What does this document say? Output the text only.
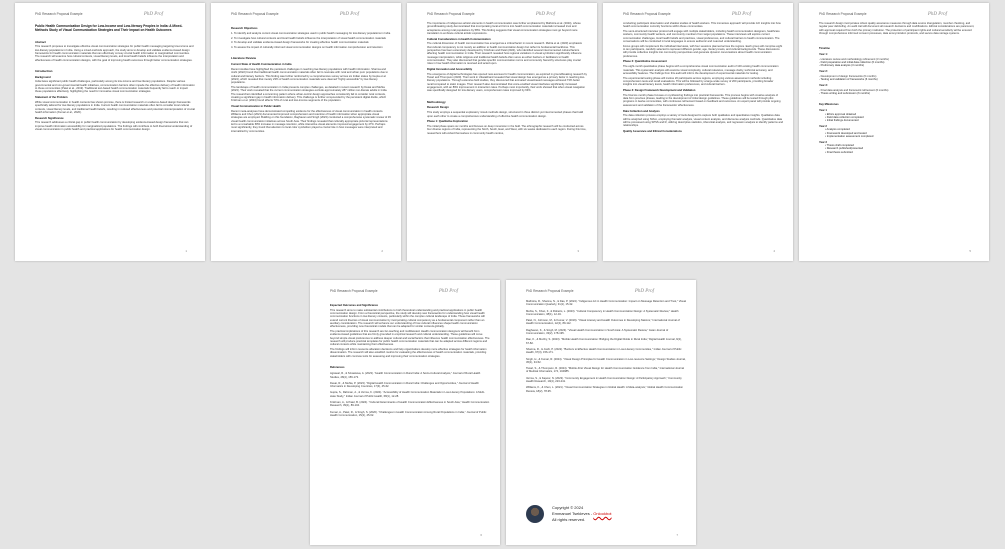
PhD Research Proposal Example	PhD Prof
Public Health Communication Design for Low-Income and Low-literacy Peoples in India: A Mixed-Methods Study of Visual Communication Strategies and Their Impact on Health Outcomes
Abstract
This research proposes to investigate effective visual communication strategies for public health messaging targeting low-income and low-literacy populations in India. Using a mixed-methods approach, the study aims to develop and validate evidence-based design frameworks for health communication materials that can effectively convey crucial health information to marginalized communities. The research will examine how cultural contexts, visual literacy levels, and local health beliefs influence the interpretation and effectiveness of health communication designs, with the goal of improving health outcomes through better communication strategies.
Introduction
Background
India faces significant public health challenges, particularly among its low-income and low-literacy populations. Despite various governmental and non-governmental health initiatives, communication barriers often impede the effective delivery of health information to these communities (Patel et al., 2019). Traditional text-based health communication materials frequently fail to reach or impact these populations effectively, highlighting the need for innovative visual communication strategies.
Statement of the Problem
While visual communication in health contexts has shown promise, there is limited research on evidence-based design frameworks specifically tailored for low-literacy populations in India. Current health communication materials often fail to consider local cultural contexts, visual literacy levels, and traditional health beliefs, resulting in reduced effectiveness and potential misinterpretation of crucial health information (Kumar et al., 2020).
Research Significance
This research addresses a critical gap in public health communication by developing evidence-based design frameworks that can improve health information accessibility for marginalized populations. The findings will contribute to both theoretical understanding of visual communication in public health and practical applications for health communication design.
1
PhD Research Proposal Example	PhD Prof
Research Objectives
1. To identify and analyze current visual communication strategies used in public health messaging for low-literacy populations in India
2. To investigate how cultural contexts and local health beliefs influence the interpretation of visual health communication materials
3. To develop and validate evidence-based design frameworks for creating effective health communication materials
4. To assess the impact of culturally-informed visual communication designs on health information comprehension and retention
Literature Review
Current State of Health Communication in India
Recent studies have highlighted the persistent challenges in reaching low-literacy populations with health information. Sharma and Joshi (2022) found that traditional health communication materials often fail to resonate with rural and urban poor populations due to cultural and literacy barriers. This finding was further reinforced by a comprehensive survey across six Indian states by Gupta et al. (2024), which revealed that merely 23% of health communication materials were deemed "highly accessible" by low-literacy populations.
The landscape of health communication in India presents complex challenges, as detailed in recent research by Desai and Mehta (2023). Their work revealed that the current communication strategies exclude approximately 287 million non-literate adults in India. The researchers identified a concerning pattern where urban-centric design approaches consistently fail to consider rural contexts, creating a significant gap in health information delivery. This challenge is further compounded by the persistent digital divide, which Krishnan et al. (2024) found affects 73% of rural and low-income segments of the population.
Visual Communication in Public Health
Recent meta-analyses have demonstrated compelling evidence for the effectiveness of visual communication in health contexts. Williams and Chen (2021) documented improved comprehension and retention of health information when appropriate visual strategies are employed. Building on this foundation, Raghavan and Singh (2023) conducted a comprehensive systematic review of 45 visual health communication initiatives across South Asia. Their findings revealed that culturally appropriate pictorial representations led to a remarkable 68% increase in message retention, while interactive visual elements improved engagement by 47%. Perhaps most significantly, they found that attention to local color symbolism played a crucial role in how messages were interpreted and internalized by communities.
2
PhD Research Proposal Example	PhD Prof
The importance of indigenous artistic elements in health communication was further emphasized by Malhotra et al. (2024), whose groundbreaking study demonstrated that incorporating local art forms into health communication materials increased trust and acceptance among rural populations by 58%. This finding suggests that visual communication strategies must go beyond mere translation to embrace cultural artistic expressions.
Cultural Considerations in Health Communication
The cultural dimension of health communication has emerged as a critical factor in recent research. Mehta et al. (2023) emphasize that cultural competency is not merely an addition to health communication design but rather its fundamental backbone. This perspective has been extensively developed by Krishnan and Patel (2024), who identified several interconnected cultural factors affecting health communication in India. Their research revealed how regional variations in visual symbolism significantly influence message interpretation, while religious and traditional health beliefs often serve as either barriers or facilitators to health communication. They also discovered that gender-specific communication norms and community hierarchy structures play crucial roles in how health information is received and acted upon.
Digital Innovation and Accessibility
The emergence of digital technologies has opened new avenues for health communication, as explored in groundbreaking research by Tiwari and Thompson (2020). Their work in Uttarakhand revealed that visual design has emerged as a primary factor in reaching low-literacy populations. Through extensive field studies, they discovered that animated visual-based messages achieved 73% better recall compared to static images. Their research also demonstrated that voice-enabled visual interfaces significantly increased engagement, with an 89% improvement in interaction rates. Perhaps most importantly, their work showed that when visual navigation was specifically designed for low-literacy users, comprehension rates improved by 63%.
Methodology
Research Design
This study employs a sequential exploratory mixed-methods design, structured in three distinct yet interconnected phases that build upon each other to create a comprehensive understanding of effective health communication design.
Phase 1: Qualitative Exploration
The initial phase spans six months and focuses on deep immersion in the field. The ethnographic research will be conducted across four diverse regions of India, representing the North, South, East, and West, with six weeks dedicated to each region. During this time, researchers will embed themselves in community health centres,
3
PhD Research Proposal Example	PhD Prof
conducting participant observation and shadow studies of health workers. This immersive approach will provide rich insights into how health communication currently functions within these communities.
The semi-structured interview protocol will engage with multiple stakeholders, including health communication designers, healthcare workers, community health workers, and community members from target populations. These interviews will explore current communication challenges, local health beliefs and practices, visual preferences, and cultural barriers to health communication. The conversations will be conducted in local languages to ensure authentic and nuanced understanding.
Focus groups will complement the individual interviews, with four sessions planned across the regions. Each group will comprise eight to ten participants, carefully selected to represent different gender, age, literacy levels, and cultural backgrounds. These discussions will provide collective insights into community perspectives and generate dynamic conversations about health communication preferences.
Phase 2: Quantitative Assessment
The eight-month quantitative phase begins with a comprehensive visual communication audit of 100 existing health communication materials. This systematic analysis will examine visual complexity, cultural relevance, message clarity, technical accuracy, and accessibility features. The findings from this audit will inform the development of experimental materials for testing.
The experimental testing phase will involve 20 participants across regions, employing various assessment methods including comprehension tests and recall evaluations. This will be followed by a large-scale survey of 200 participants, providing broader insights into visual literacy levels, health information preferences, and cultural barriers.
Phase 3: Design Framework Development and Validation
The final six-month phase focuses on synthesizing findings into practical frameworks. This process begins with creative analysis of data from previous phases, leading to the development of initial design guidelines. These guidelines will be tested through pilot programs in twelve communities, with continuous refinement based on feedback and outcomes. An expert panel will provide ongoing assessment and validation of the frameworks' effectiveness.
Data Collection and Analysis
The data collection process employs a variety of tools designed to capture both qualitative and quantitative insights. Qualitative data will be analyzed using NVivo, employing thematic analysis, visual content analysis, and discourse analysis methods. Quantitative data will be processed using SPSS and R, utilizing descriptive statistics, inferential analysis, and regression analysis to identify patterns and relationships.
Quality Assurance and Ethical Considerations
4
PhD Research Proposal Example	PhD Prof
The research design incorporates robust quality assurance measures through data source triangulation, member checking, and regular peer debriefing. An audit trail will document all research decisions and modifications. Ethical considerations are paramount, with approval required from both the primary institution. The protection of participant rights and cultural sensitivity will be ensured through comprehensive informed consent processes, data anonymization protocols, and secure data storage systems.
Timeline
Year 1:
- Literature review and methodology refinement (3 months)
- Field preparation and initial data collection (6 months)
- Preliminary data analysis (3 months)
Year 2:
- Development of design frameworks (6 months)
- Testing and validation of frameworks (6 months)
Year 3:
- Final data analysis and framework refinement (6 months)
- Thesis writing and submission (6 months)
Key Milestones
Year 1
• Ethics approval obtained
• Field data collection completed
• Initial findings documented
Year 2
• Analysis completed
• Framework developed and tested
• Implementation assessment completed
Year 3
• Thesis draft completed
• Research published/presented
• Final thesis submitted
5
PhD Research Proposal Example	PhD Prof
Expected Outcomes and Significance
This research aims to make substantial contributions to both theoretical understanding and practical applications in public health communication design. From a theoretical perspective, the study will develop new frameworks for understanding how visual health communication functions in low-literacy contexts, particularly within the complex cultural landscape of India. These frameworks will extend current theories of visual communication by incorporating cultural competency as a fundamental component rather than an auxiliary consideration. The research will enhance our understanding of how cultural influences shape health communication effectiveness, providing new theoretical models that can be adapted for similar contexts globally.
The practical implications of this research are far-reaching and multifaceted. Health communication designers will benefit from evidence-based guidelines that are firmly grounded in empirical research and cultural understanding. These guidelines will move beyond simple visual preferences to address deeper cultural and social factors that influence health communication effectiveness. The research will produce practical templates for public health communication materials that can be adapted across different regions and cultural contexts while maintaining their effectiveness.
The findings will inform resource allocation decisions and help organizations develop more effective strategies for health information dissemination. The research will also establish metrics for evaluating the effectiveness of health communication materials, providing stakeholders with concrete tools for assessing and improving their communication strategies.
References
Agrawal, R., & Srivastava, A. (2023). "Health Communication in Rural India: A Socio-Cultural Analysis," Journal of Rural Health Studies, 28(4), 156-173.
Desai, R., & Mehta, P. (2023). "Digital Health Communication in Rural India: Challenges and Opportunities," Journal of Health Informatics in Developing Countries, 17(3), 45-62.
Gupta, S., Rahman, A., & Verma, K. (2024). "Accessibility of Health Communication Materials in Low-Literacy Populations: A Multi-state Study," Indian Journal of Public Health, 68(1), 12-28.
Krishnan, A., & Patel, B. (2024). "Cultural Determinants of Health Communication Effectiveness in South Asia," Health Communication Research, 39(1), 89-104.
Kumar, A., Patel, R., & Singh, S. (2020). "Challenges in Health Communication Among Rural Populations in India," Journal of Public Health Communication, 15(2), 45-62.
6
PhD Research Proposal Example	PhD Prof
Malhotra, R., Sharma, N., & Das, P. (2024). "Indigenous Art in Health Communication: Impact on Message Retention and Trust," Visual Communication Quarterly, 31(1), 15-32.
Mehta, S., Khan, F., & Roberts, L. (2023). "Cultural Competency in Health Communication Design: A Systematic Review," Health Communication, 38(1), 12-34.
Patel, N., Johnson, M., & Kumar, V. (2019). "Visual Literacy and Health Outcomes in Developing Nations," International Journal of Health Communication, 12(4), 89-112.
Raghavan, K., & Singh, M. (2023). "Visual Health Communication in South Asia: A Systematic Review," Asian Journal of Communication, 33(2), 178-195.
Rao, K., & Murthy, S. (2023). "Mobile Health Communication: Bridging the Digital Divide in Rural India," Digital Health Journal, 9(2), 67-82.
Sharma, R., & Joshi, P. (2022). "Barriers to Effective Health Communication in Low-Literacy Communities," Indian Journal of Public Health, 67(3), 156-171.
Singh, H., & Kumar, R. (2024). "Visual Design Principles for Health Communication in Low-resource Settings," Design Studies Journal, 45(1), 34-52.
Tiwari, S., & Thompson, R. (2024). "Mobile-First Visual Design for Health Communication: Evidence from India," International Journal of Medical Informatics, 174, 104985.
Verma, S., & Kapoor, N. (2023). "Community Engagement in Health Communication Design: A Participatory Approach," Community Health Research, 19(4), 223-241.
Williams, K., & Chen, L. (2021). "Visual Communication Strategies in Global Health: A Meta-analysis," Global Health Communication Review, 18(2), 78-95.
Copyright © 2024
Emmanuel Tsekleves - Onlookbot
All rights reserved.
7
